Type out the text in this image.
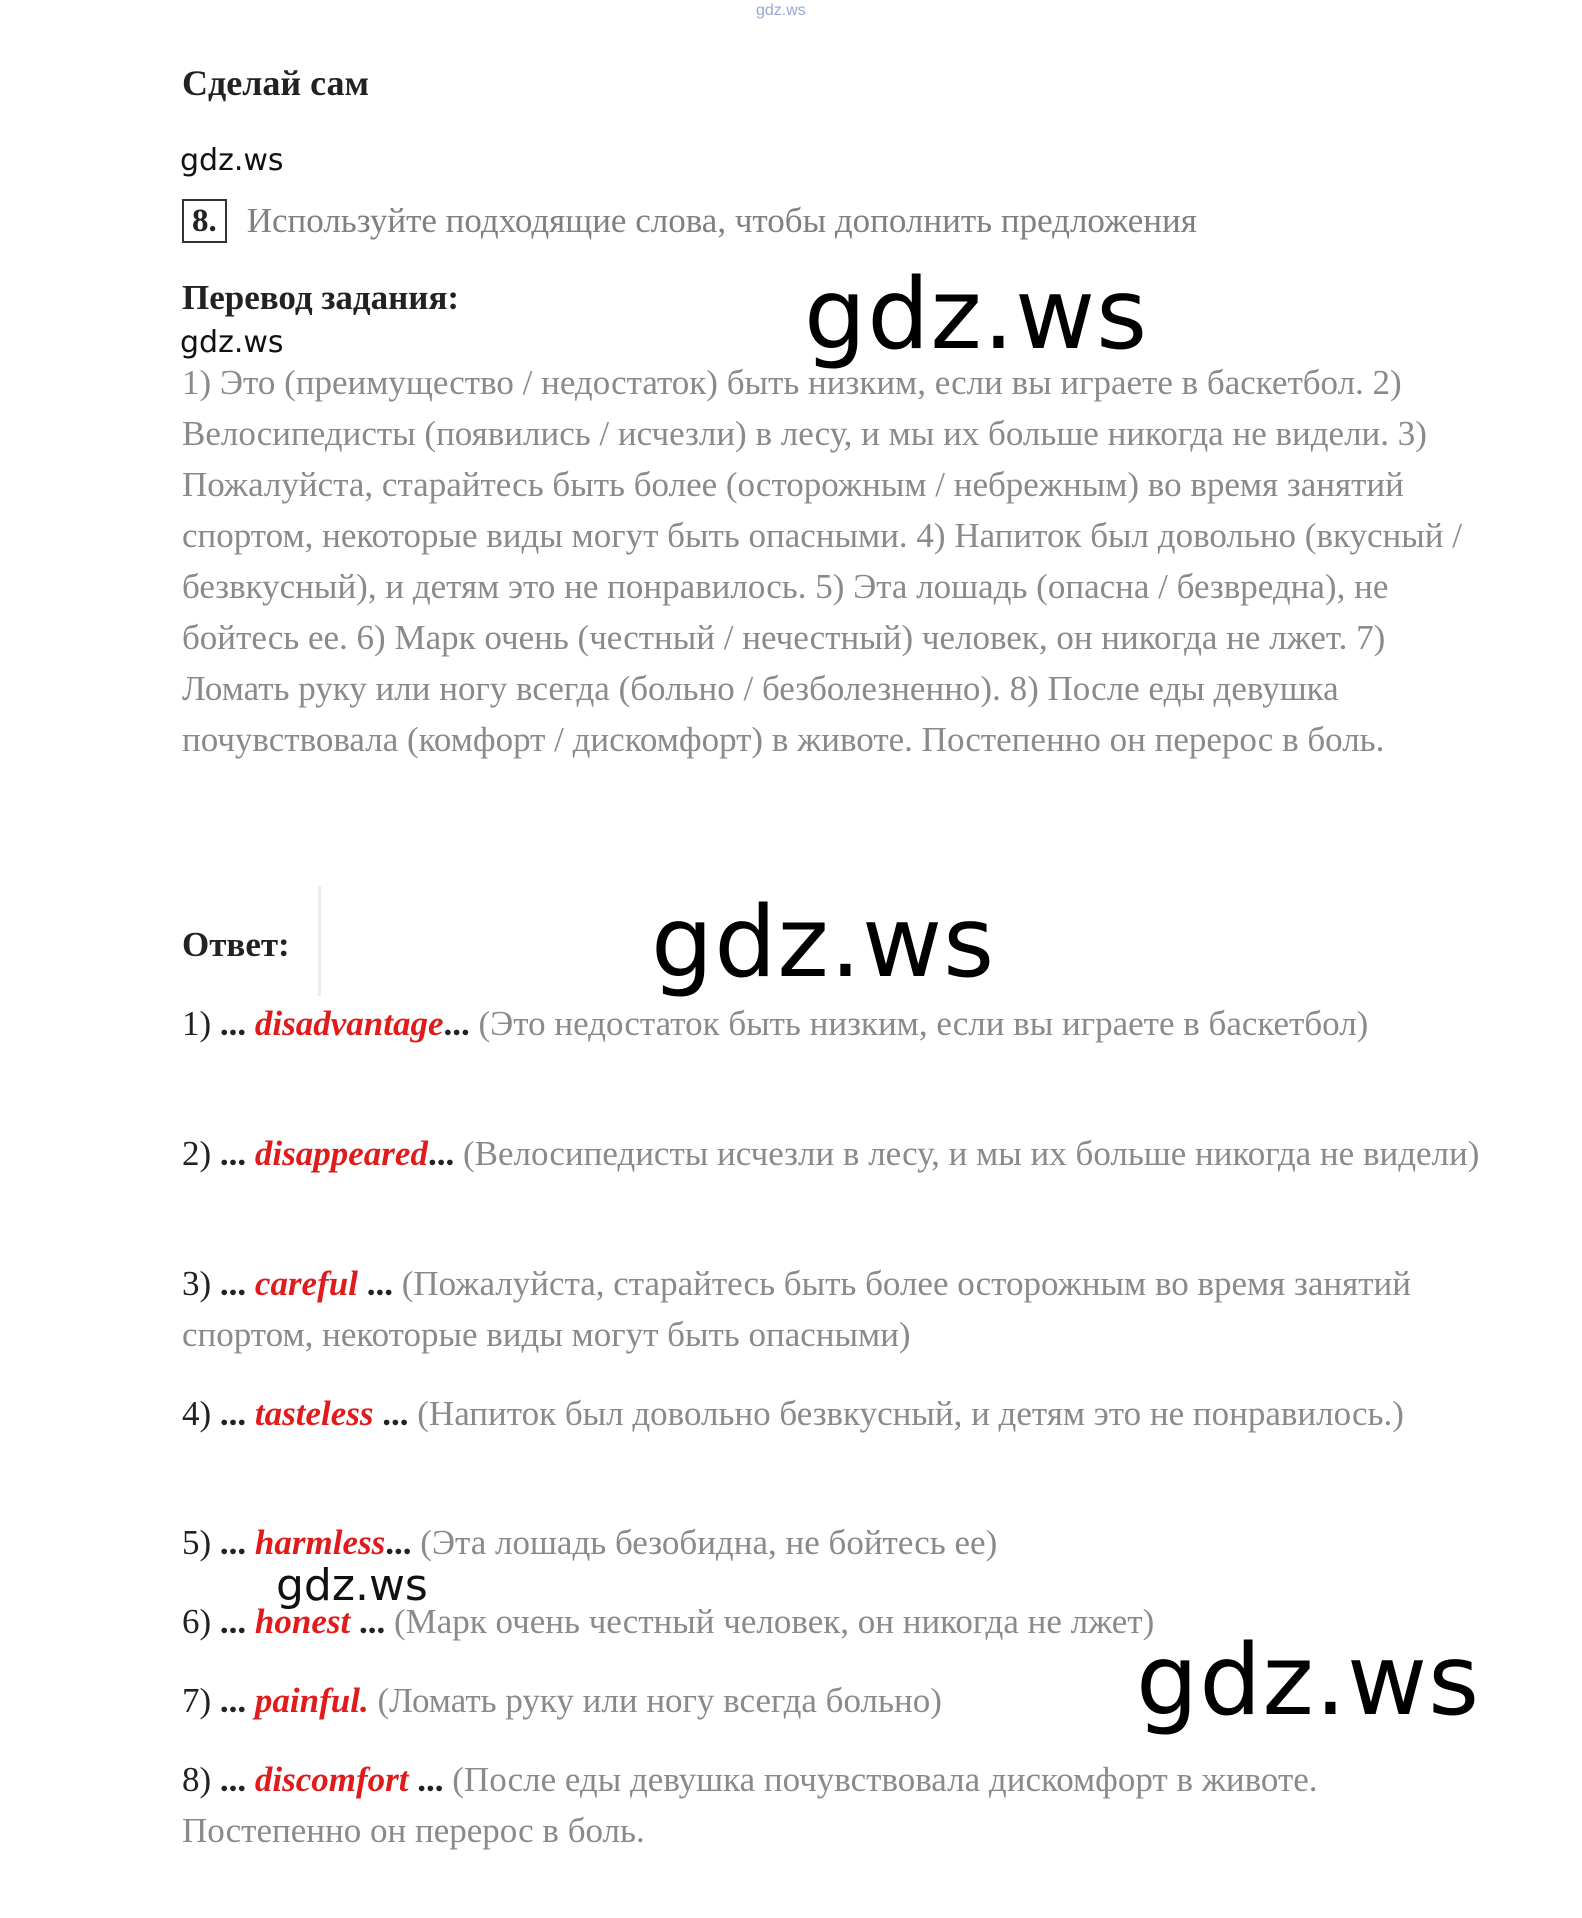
gdz.ws
Сделай сам
gdz.ws
8. Используйте подходящие слова, чтобы дополнить предложения
Перевод задания:
gdz.ws	gdz.ws
1) Это (преимущество / недостаток) быть низким, если вы играете в баскетбол. 2) Велосипедисты (появились / исчезли) в лесу, и мы их больше никогда не видели. 3) Пожалуйста, старайтесь быть более (осторожным / небрежным) во время занятий спортом, некоторые виды могут быть опасными. 4) Напиток был довольно (вкусный / безвкусный), и детям это не понравилось. 5) Эта лошадь (опасна / безвредна), не бойтесь ее. 6) Марк очень (честный / нечестный) человек, он никогда не лжет. 7) Ломать руку или ногу всегда (больно / безболезненно). 8) После еды девушка почувствовала (комфорт / дискомфорт) в животе. Постепенно он перерос в боль.
Ответ:	gdz.ws
1) ... disadvantage... (Это недостаток быть низким, если вы играете в баскетбол)
2) ... disappeared... (Велосипедисты исчезли в лесу, и мы их больше никогда не видели)
3) ... careful ... (Пожалуйста, старайтесь быть более осторожным во время занятий спортом, некоторые виды могут быть опасными)
4) ... tasteless ... (Напиток был довольно безвкусный, и детям это не понравилось.)
5) ... harmless... (Эта лошадь безобидна, не бойтесь ее)
gdz.ws
6) ... honest ... (Марк очень честный человек, он никогда не лжет)
7) ... painful. (Ломать руку или ногу всегда больно)	gdz.ws
8) ... discomfort ... (После еды девушка почувствовала дискомфорт в животе. Постепенно он перерос в боль.
